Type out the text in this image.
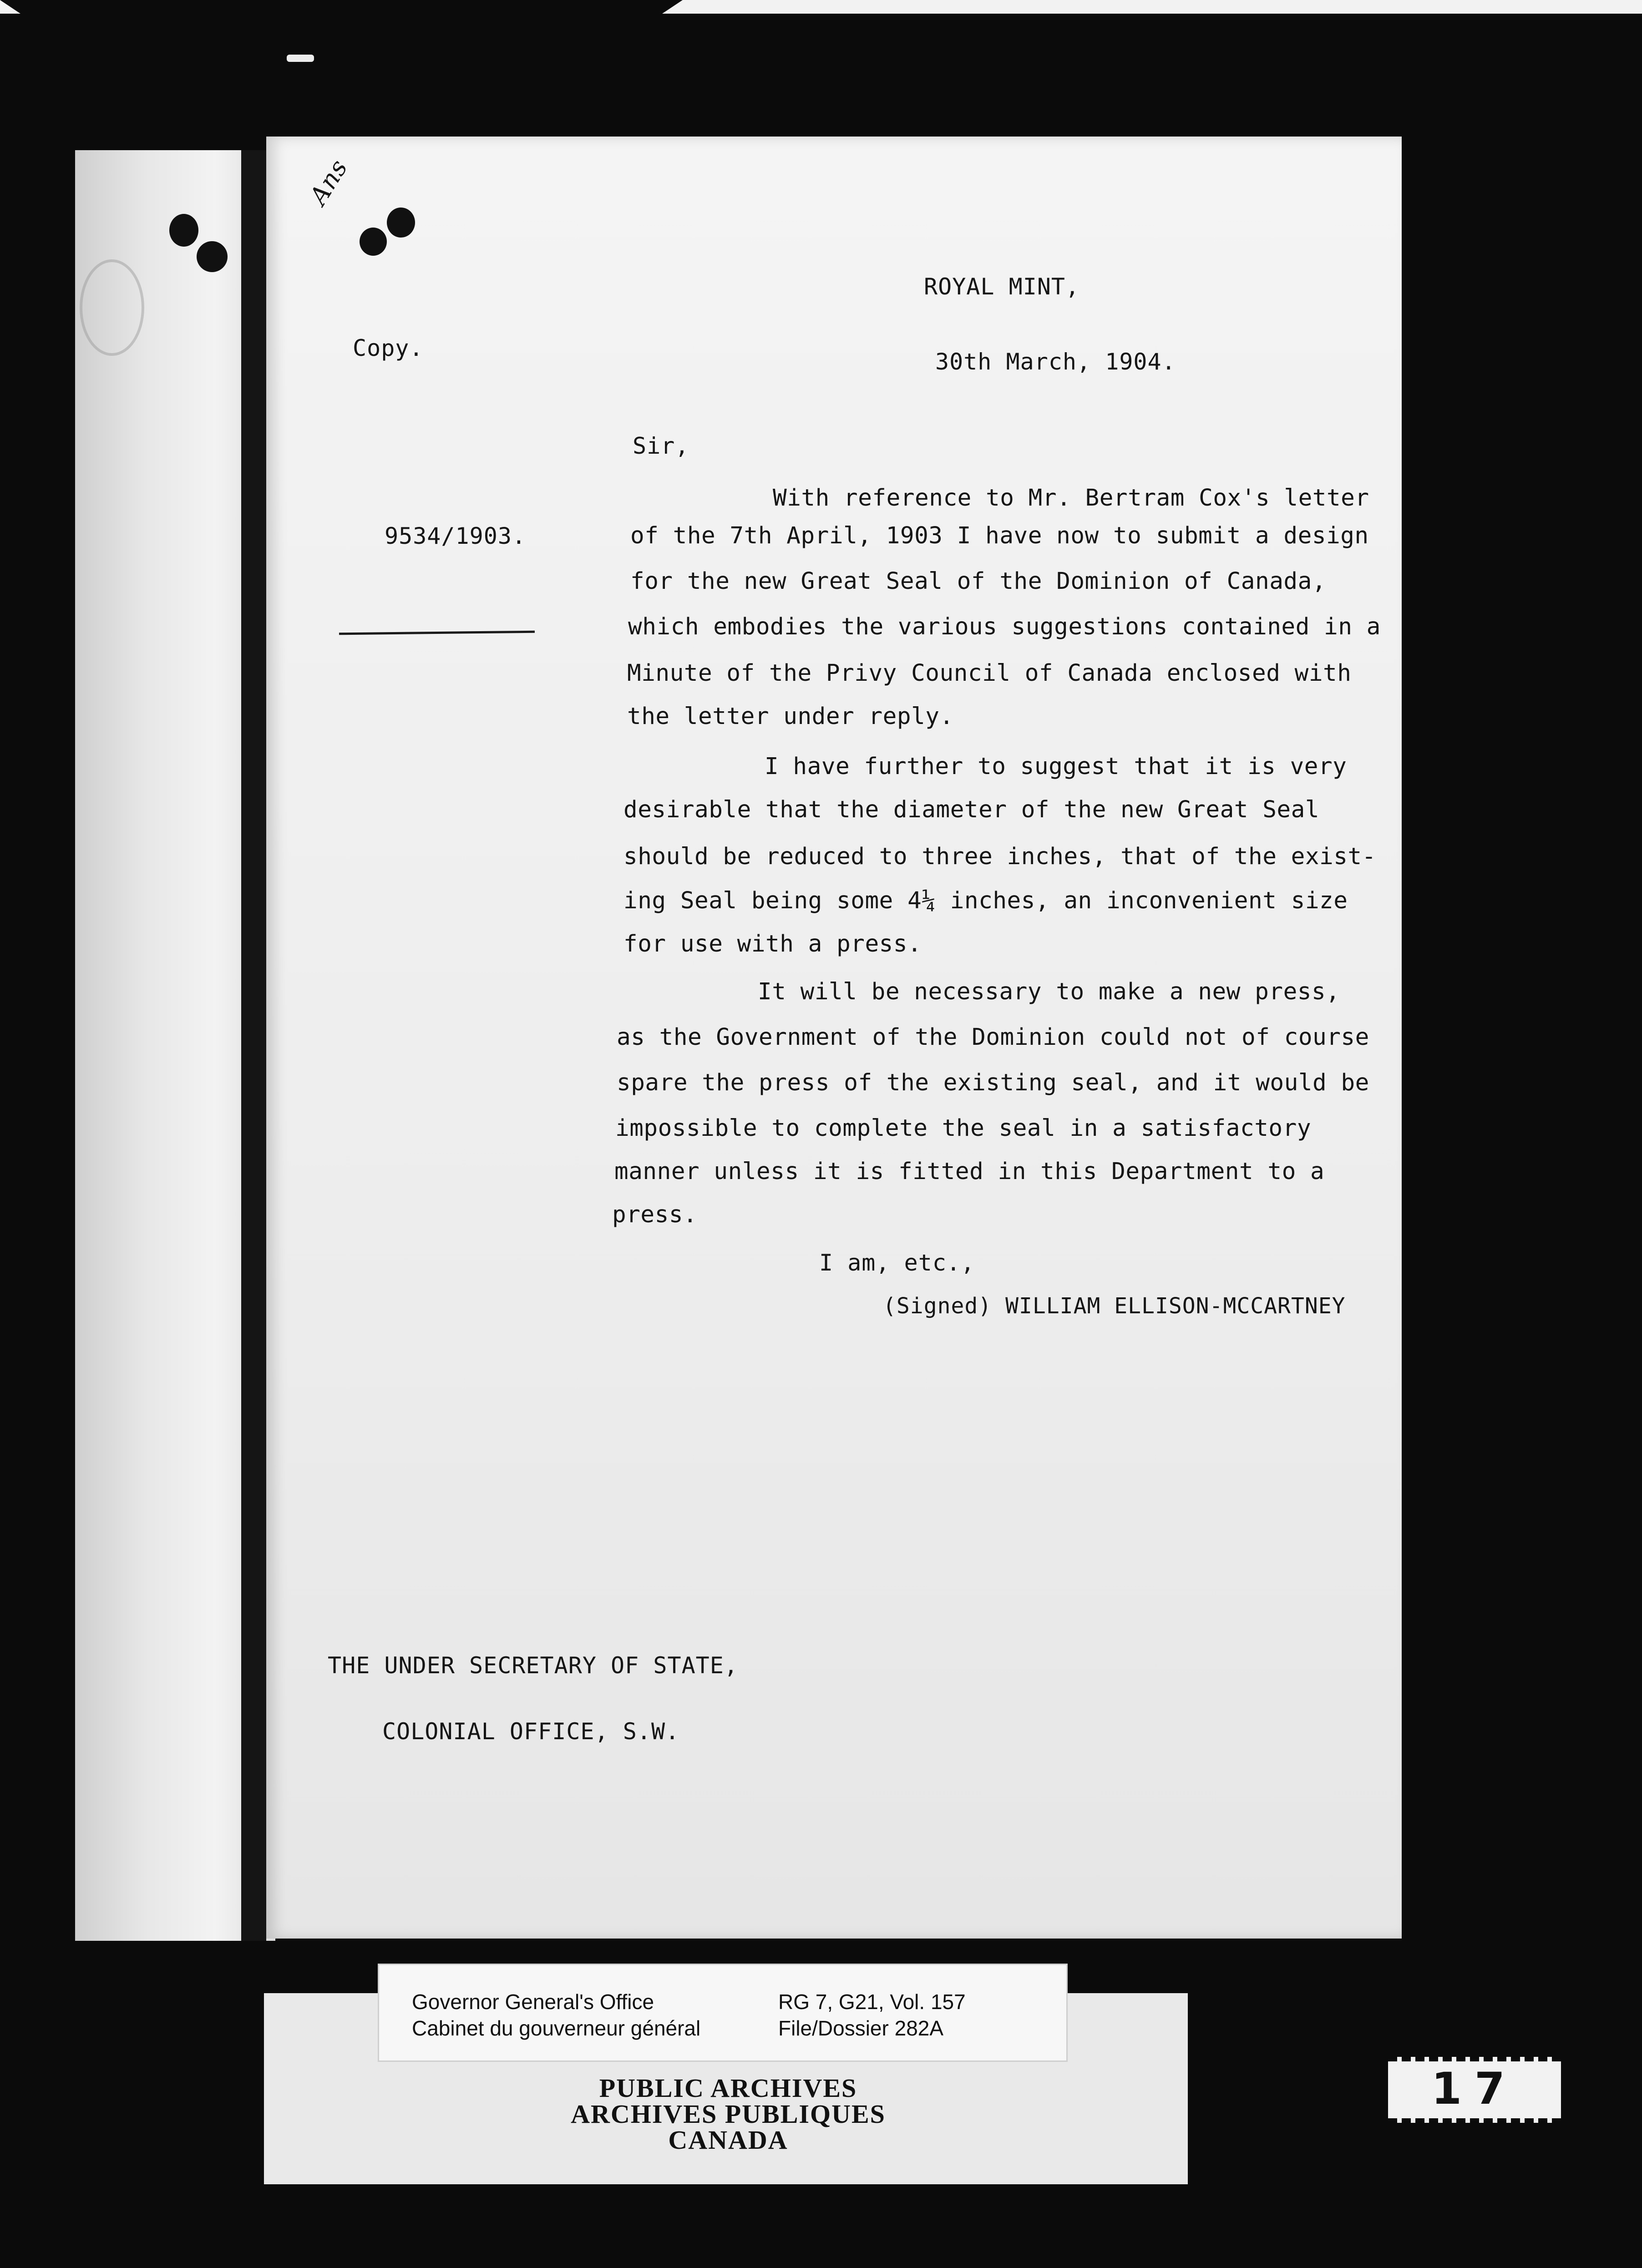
Ans
Copy.
ROYAL MINT,
30th March, 1904.
9534/1903.
Sir,
With reference to Mr. Bertram Cox's letter
of the 7th April, 1903 I have now to submit a design
for the new Great Seal of the Dominion of Canada,
which embodies the various suggestions contained in a
Minute of the Privy Council of Canada enclosed with
the letter under reply.
I have further to suggest that it is very
desirable that the diameter of the new Great Seal
should be reduced to three inches, that of the exist-
ing Seal being some 4¼ inches, an inconvenient size
for use with a press.
It will be necessary to make a new press,
as the Government of the Dominion could not of course
spare the press of the existing seal, and it would be
impossible to complete the seal in a satisfactory
manner unless it is fitted in this Department to a
press.
I am, etc.,
(Signed) WILLIAM ELLISON-MCCARTNEY
THE UNDER SECRETARY OF STATE,
COLONIAL OFFICE, S.W.
Governor General's Office
Cabinet du gouverneur général
RG 7, G21, Vol. 157
File/Dossier 282A
PUBLIC ARCHIVES
ARCHIVES PUBLIQUES
CANADA
17
